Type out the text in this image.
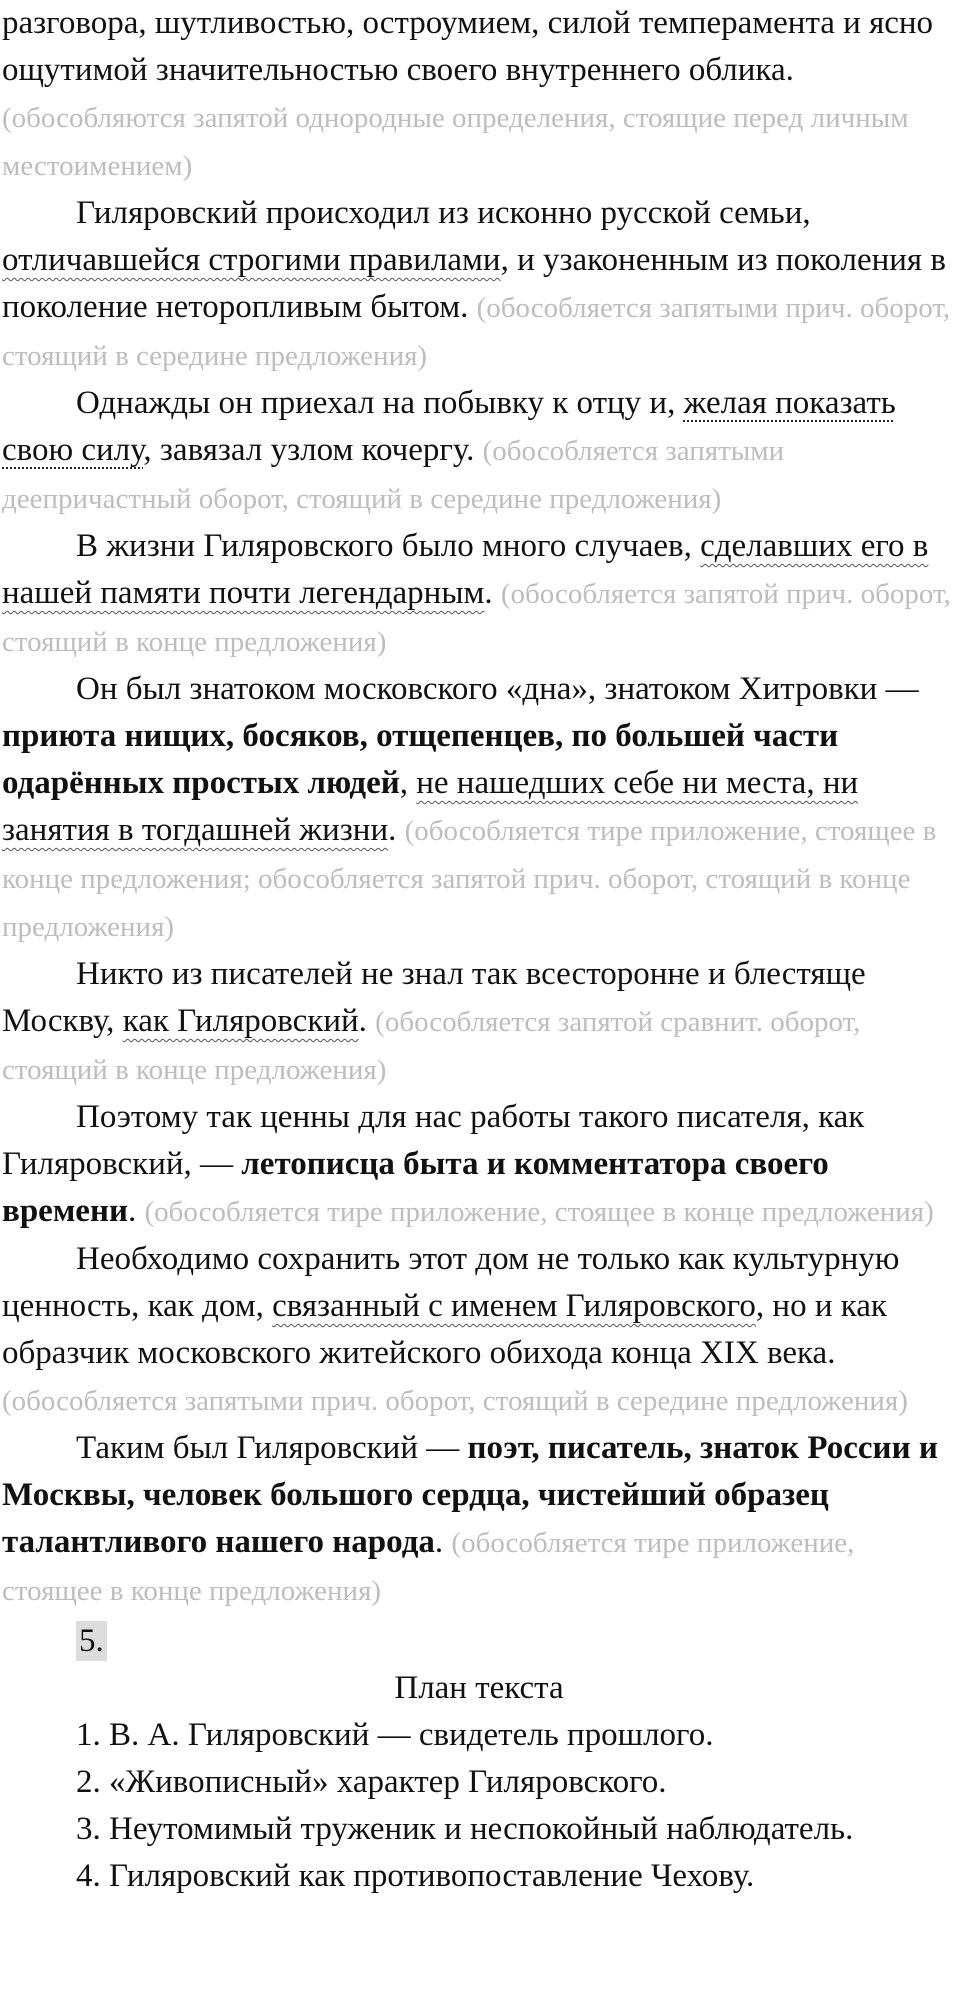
разговора, шутливостью, остроумием, силой темперамента и ясно ощутимой значительностью своего внутреннего облика. (обособляются запятой однородные определения, стоящие перед личным местоимением)

Гиляровский происходил из исконно русской семьи, отличавшейся строгими правилами, и узаконенным из поколения в поколение неторопливым бытом. (обособляется запятыми прич. оборот, стоящий в середине предложения)

Однажды он приехал на побывку к отцу и, желая показать свою силу, завязал узлом кочергу. (обособляется запятыми деепричастный оборот, стоящий в середине предложения)

В жизни Гиляровского было много случаев, сделавших его в нашей памяти почти легендарным. (обособляется запятой прич. оборот, стоящий в конце предложения)

Он был знатоком московского «дна», знатоком Хитровки — приюта нищих, босяков, отщепенцев, по большей части одарённых простых людей, не нашедших себе ни места, ни занятия в тогдашней жизни. (обособляется тире приложение, стоящее в конце предложения; обособляется запятой прич. оборот, стоящий в конце предложения)

Никто из писателей не знал так всесторонне и блестяще Москву, как Гиляровский. (обособляется запятой сравнит. оборот, стоящий в конце предложения)

Поэтому так ценны для нас работы такого писателя, как Гиляровский, — летописца быта и комментатора своего времени. (обособляется тире приложение, стоящее в конце предложения)

Необходимо сохранить этот дом не только как культурную ценность, как дом, связанный с именем Гиляровского, но и как образчик московского житейского обихода конца XIX века. (обособляется запятыми прич. оборот, стоящий в середине предложения)

Таким был Гиляровский — поэт, писатель, знаток России и Москвы, человек большого сердца, чистейший образец талантливого нашего народа. (обособляется тире приложение, стоящее в конце предложения)

5.

План текста

1. В. А. Гиляровский — свидетель прошлого.
2. «Живописный» характер Гиляровского.
3. Неутомимый труженик и неспокойный наблюдатель.
4. Гиляровский как противопоставление Чехову.
